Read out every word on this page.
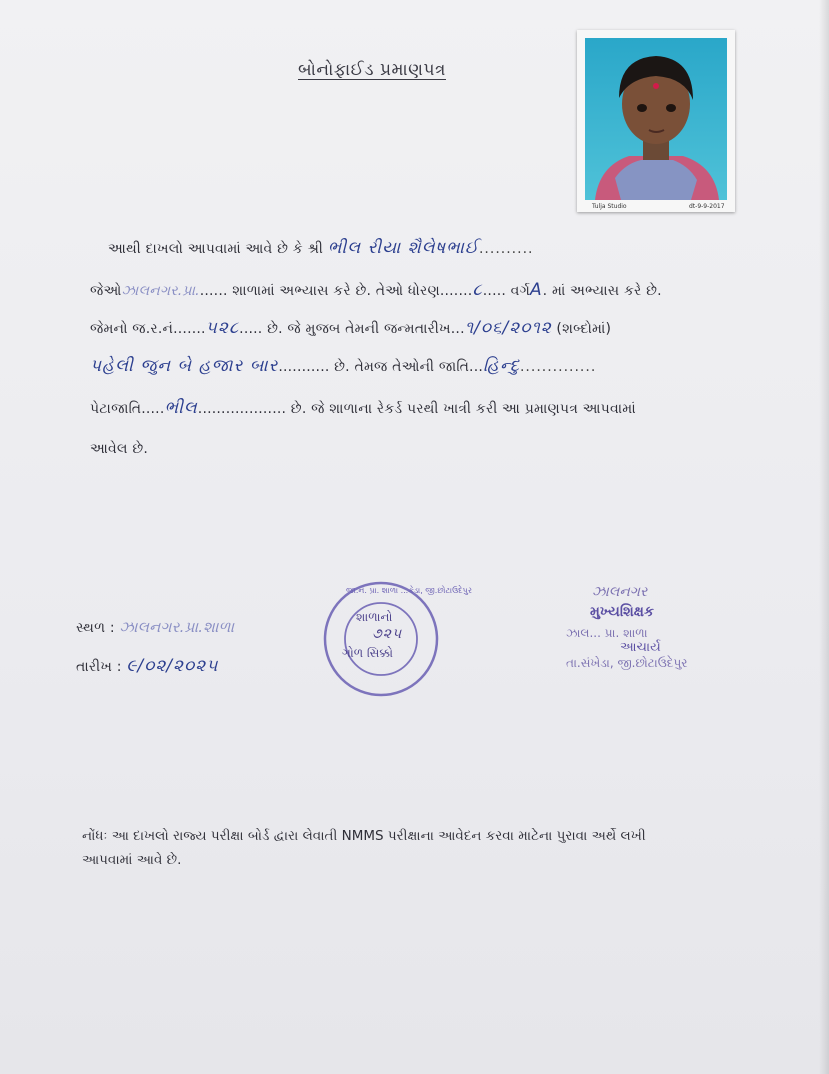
બોનોફાઈડ પ્રમાણપત્ર
Tulja Studio	dt-9-9-2017
આથી દાખલો આપવામાં આવે છે કે શ્રી ભીલ રીયા શૈલેષભાઈ..........
જેઓઝાલનગર.પ્રા....... શાળામાં અભ્યાસ કરે છે. તેઓ ધોરણ.......૮..... વર્ગA. માં અભ્યાસ કરે છે.
જેમનો જ.ર.નં.......૫૨૮..... છે. જે મુજબ તેમની જન્મતારીખ...૧/૦૬/૨૦૧૨ (શબ્દોમાં)
પહેલી જુન બે હજાર બાર........... છે. તેમજ તેઓની જાતિ...હિન્દુ..............
પેટાજાતિ.....ભીલ................... છે. જે શાળાના રેકર્ડ પરથી ખાત્રી કરી આ પ્રમાણપત્ર આપવામાં
આવેલ છે.
સ્થળ : ઝાલનગર.પ્રા.શાળા
તારીખ : ૯/૦૨/૨૦૨૫
જા.નં. પ્રા. શાળા ...કેડા, જી.છોટાઉદેપુર
શાળાનો
૭૨૫
ગોળ સિક્કો
ઝાલનગર
મુખ્યશિક્ષક
ઝાલ... પ્રા. શાળા
આચાર્ય
તા.સંખેડા, જી.છોટાઉદેપુર
નોંધઃ આ દાખલો રાજ્ય પરીક્ષા બોર્ડ દ્વારા લેવાતી NMMS પરીક્ષાના આવેદન કરવા માટેના પુરાવા અર્થે લખી
આપવામાં આવે છે.
